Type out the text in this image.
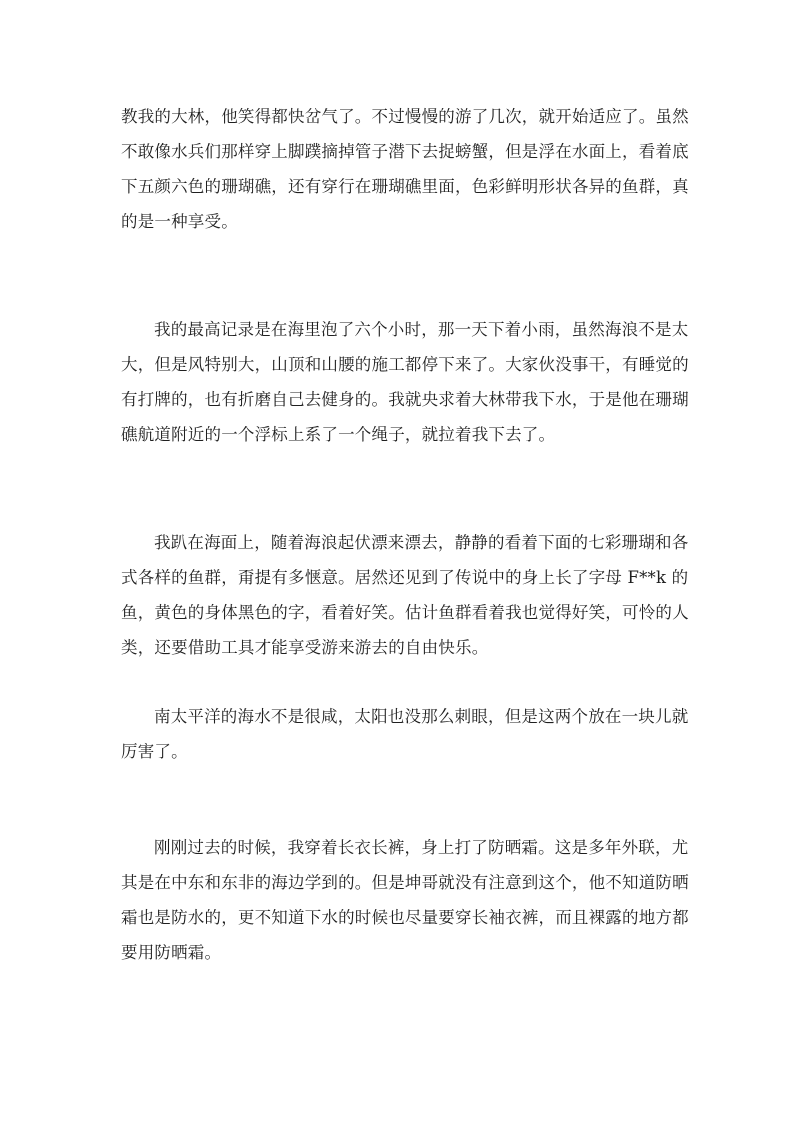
教我的大林，他笑得都快岔气了。不过慢慢的游了几次，就开始适应了。虽然
不敢像水兵们那样穿上脚蹼摘掉管子潜下去捉螃蟹，但是浮在水面上，看着底
下五颜六色的珊瑚礁，还有穿行在珊瑚礁里面，色彩鲜明形状各异的鱼群，真
的是一种享受。

我的最高记录是在海里泡了六个小时，那一天下着小雨，虽然海浪不是太
大，但是风特别大，山顶和山腰的施工都停下来了。大家伙没事干，有睡觉的
有打牌的，也有折磨自己去健身的。我就央求着大林带我下水，于是他在珊瑚
礁航道附近的一个浮标上系了一个绳子，就拉着我下去了。

我趴在海面上，随着海浪起伏漂来漂去，静静的看着下面的七彩珊瑚和各
式各样的鱼群，甭提有多惬意。居然还见到了传说中的身上长了字母 F**k 的
鱼，黄色的身体黑色的字，看着好笑。估计鱼群看着我也觉得好笑，可怜的人
类，还要借助工具才能享受游来游去的自由快乐。

南太平洋的海水不是很咸，太阳也没那么刺眼，但是这两个放在一块儿就
厉害了。

刚刚过去的时候，我穿着长衣长裤，身上打了防晒霜。这是多年外联，尤
其是在中东和东非的海边学到的。但是坤哥就没有注意到这个，他不知道防晒
霜也是防水的，更不知道下水的时候也尽量要穿长袖衣裤，而且裸露的地方都
要用防晒霜。
